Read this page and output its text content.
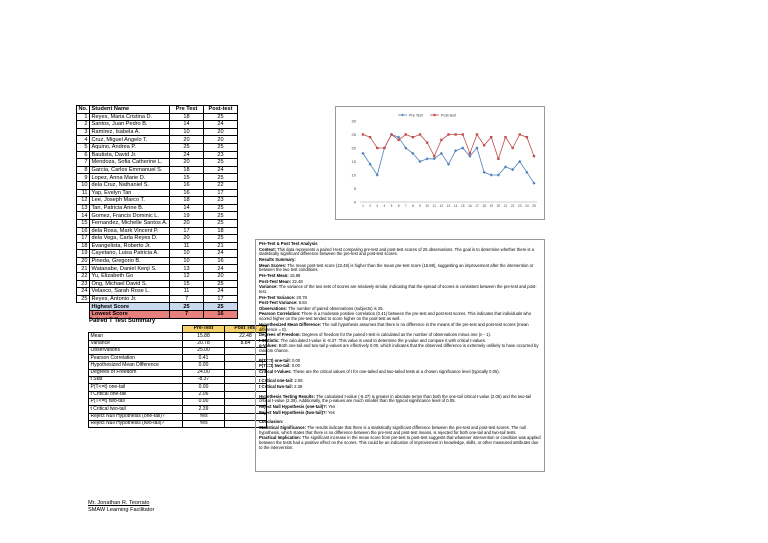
No.	Student Name	Pre Test	Post-test
1	Reyes, Maria Cristina D.	18	25
2	Santos, Juan Pedro B.	14	24
3	Ramirez, Isabela A.	10	20
4	Cruz, Miguel Angelo T.	20	20
5	Aquino, Andrea P.	25	25
6	Bautista, David Jr.	24	23
7	Mendoza, Sofia Catherine L.	20	25
8	Garcia, Carlos Emmanuel S.	18	24
9	Lopez, Anna Marie D.	15	25
10	dela Cruz, Nathaniel S.	16	22
11	Yap, Evelyn Tan	16	17
12	Lee, Joseph Marco T.	18	23
13	Tan, Patricia Anne B.	14	25
14	Gomez, Francis Dominic L.	19	25
15	Fernandez, Michelle Santos A.	20	25
16	dela Rosa, Mark Vincent P.	17	18
17	dela Vega, Carla Reyes D.	20	25
18	Evangelista, Roberto Jr.	11	21
19	Cayetano, Luisa Patricia A.	10	24
20	Pineda, Gregorio B.	10	16
21	Watanabe, Daniel Kenji S.	13	24
22	Yu, Elizabeth Go	12	20
23	Ong, Michael David S.	15	25
24	Velasco, Sarah Rose L.	11	24
25	Reyes, Antonio Jr.	7	17
	Highest Score	25	25
	Lowest Score	7	16
Paired T Test Summary
	Pre-Test	Post Test
Mean	15.88	22.48
Variance	20.78	8.84
Observations	25.00	
Pearson Correlation	0.41	
Hypothesized Mean Difference	0.00	
Degrees of Freedom	24.00	
t Stat	-8.37	
P(T<=t) one-tail	0.00	
t Critical one-tail	2.06	
P(T<=t) two-tail	0.00	
t Critical two-tail	2.39	
Reject Null Hypothesis (one-tail)?	Yes	
Reject Null Hypothesis (two-tail)?	Yes	
Mr. Jonathan R. Teorrato
SMAW Learning Facilitator
0
5
10
15
20
25
30
1 2 3 4 5 6 7 8 9 10 11 12 13 14 15 16 17 18 19 20 21 22 23 24 25
Pre Test	Post-test

Pre-Test & Post Test Analysis

Context: This data represents a paired t-test comparing pre-test and post-test scores of 25 observations. The goal is to determine whether there is a statistically significant difference between the pre-test and post-test scores.

Results Summary:

Mean Scores: The mean post-test score (22.48) is higher than the mean pre-test score (15.88), suggesting an improvement after the intervention or between the two test conditions.

Pre-Test Mean: 15.88

Post-Test Mean: 22.48

Variance: The variance of the two sets of scores are relatively similar, indicating that the spread of scores is consistent between the pre-test and post-test.

Pre-Test Variance: 20.78

Post-Test Variance: 8.84

Observations: The number of paired observations (subjects) is 25.

Pearson Correlation: There is a moderate positive correlation (0.41) between the pre-test and post-test scores. This indicates that individuals who scored higher on the pre-test tended to score higher on the post-test as well.

Hypothesized Mean Difference: The null hypothesis assumes that there is no difference in the means of the pre-test and post-test scores (mean difference = 0).

Degrees of Freedom: Degrees of freedom for the paired t-test is calculated as the number of observations minus one (n - 1).

t-Statistic: The calculated t-value is -8.37. This value is used to determine the p-value and compare it with critical t-values.

p-Values: Both one-tail and two-tail p-values are effectively 0.00, which indicates that the observed difference is extremely unlikely to have occurred by random chance.

P(T<=t) one-tail: 0.00

P(T<=t) two-tail: 0.00

Critical t-Values: These are the critical values of t for one-tailed and two-tailed tests at a chosen significance level (typically 0.05).

t Critical one-tail: 2.06

t Critical two-tail: 2.39

Hypothesis Testing Results: The calculated t-value (-8.37) is greater in absolute terms than both the one-tail critical t-value (2.06) and the two-tail critical t-value (2.39). Additionally, the p-values are much smaller than the typical significance level of 0.05.

Reject Null Hypothesis (one-tail)?: Yes

Reject Null Hypothesis (two-tail)?: Yes

Conclusion:

Statistical Significance: The results indicate that there is a statistically significant difference between the pre-test and post-test scores. The null hypothesis, which states that there is no difference between the pre-test and post-test means, is rejected for both one-tail and two-tail tests.

Practical Implication: The significant increase in the mean score from pre-test to post-test suggests that whatever intervention or condition was applied between the tests had a positive effect on the scores. This could be an indication of improvement in knowledge, skills, or other measured attributes due to the intervention.
